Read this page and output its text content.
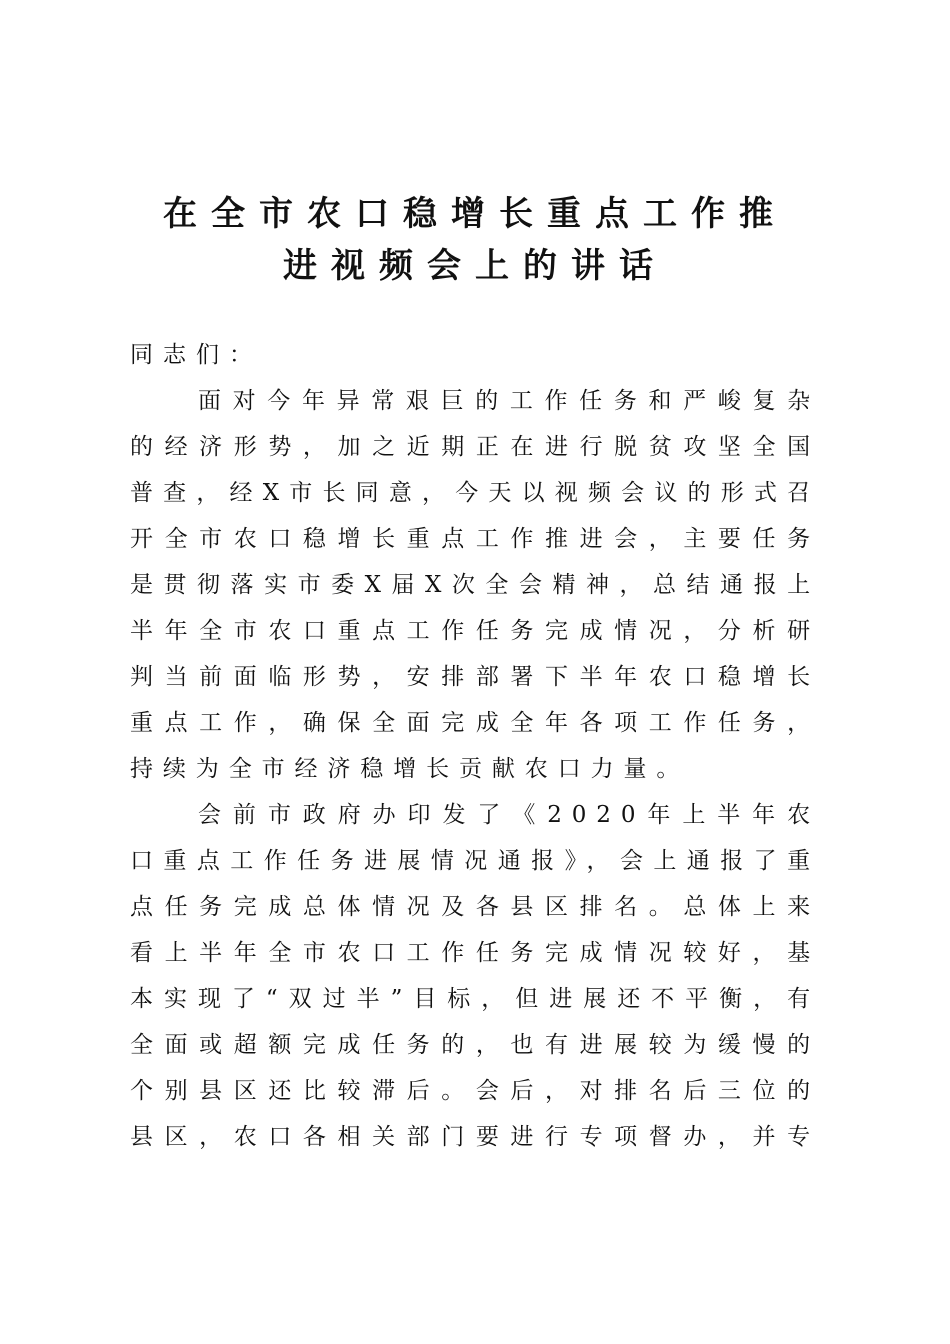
在全市农口稳增长重点工作推
进视频会上的讲话

同志们：

面对今年异常艰巨的工作任务和严峻复杂的经济形势，加之近期正在进行脱贫攻坚全国普查，经X市长同意，今天以视频会议的形式召开全市农口稳增长重点工作推进会，主要任务是贯彻落实市委X届X次全会精神，总结通报上半年全市农口重点工作任务完成情况，分析研判当前面临形势，安排部署下半年农口稳增长重点工作，确保全面完成全年各项工作任务，持续为全市经济稳增长贡献农口力量。

会前市政府办印发了《2020年上半年农口重点工作任务进展情况通报》，会上通报了重点任务完成总体情况及各县区排名。总体上来看上半年全市农口工作任务完成情况较好，基本实现了“双过半”目标，但进展还不平衡，有全面或超额完成任务的，也有进展较为缓慢的个别县区还比较滞后。会后，对排名后三位的县区，农口各相关部门要进行专项督办，并专
